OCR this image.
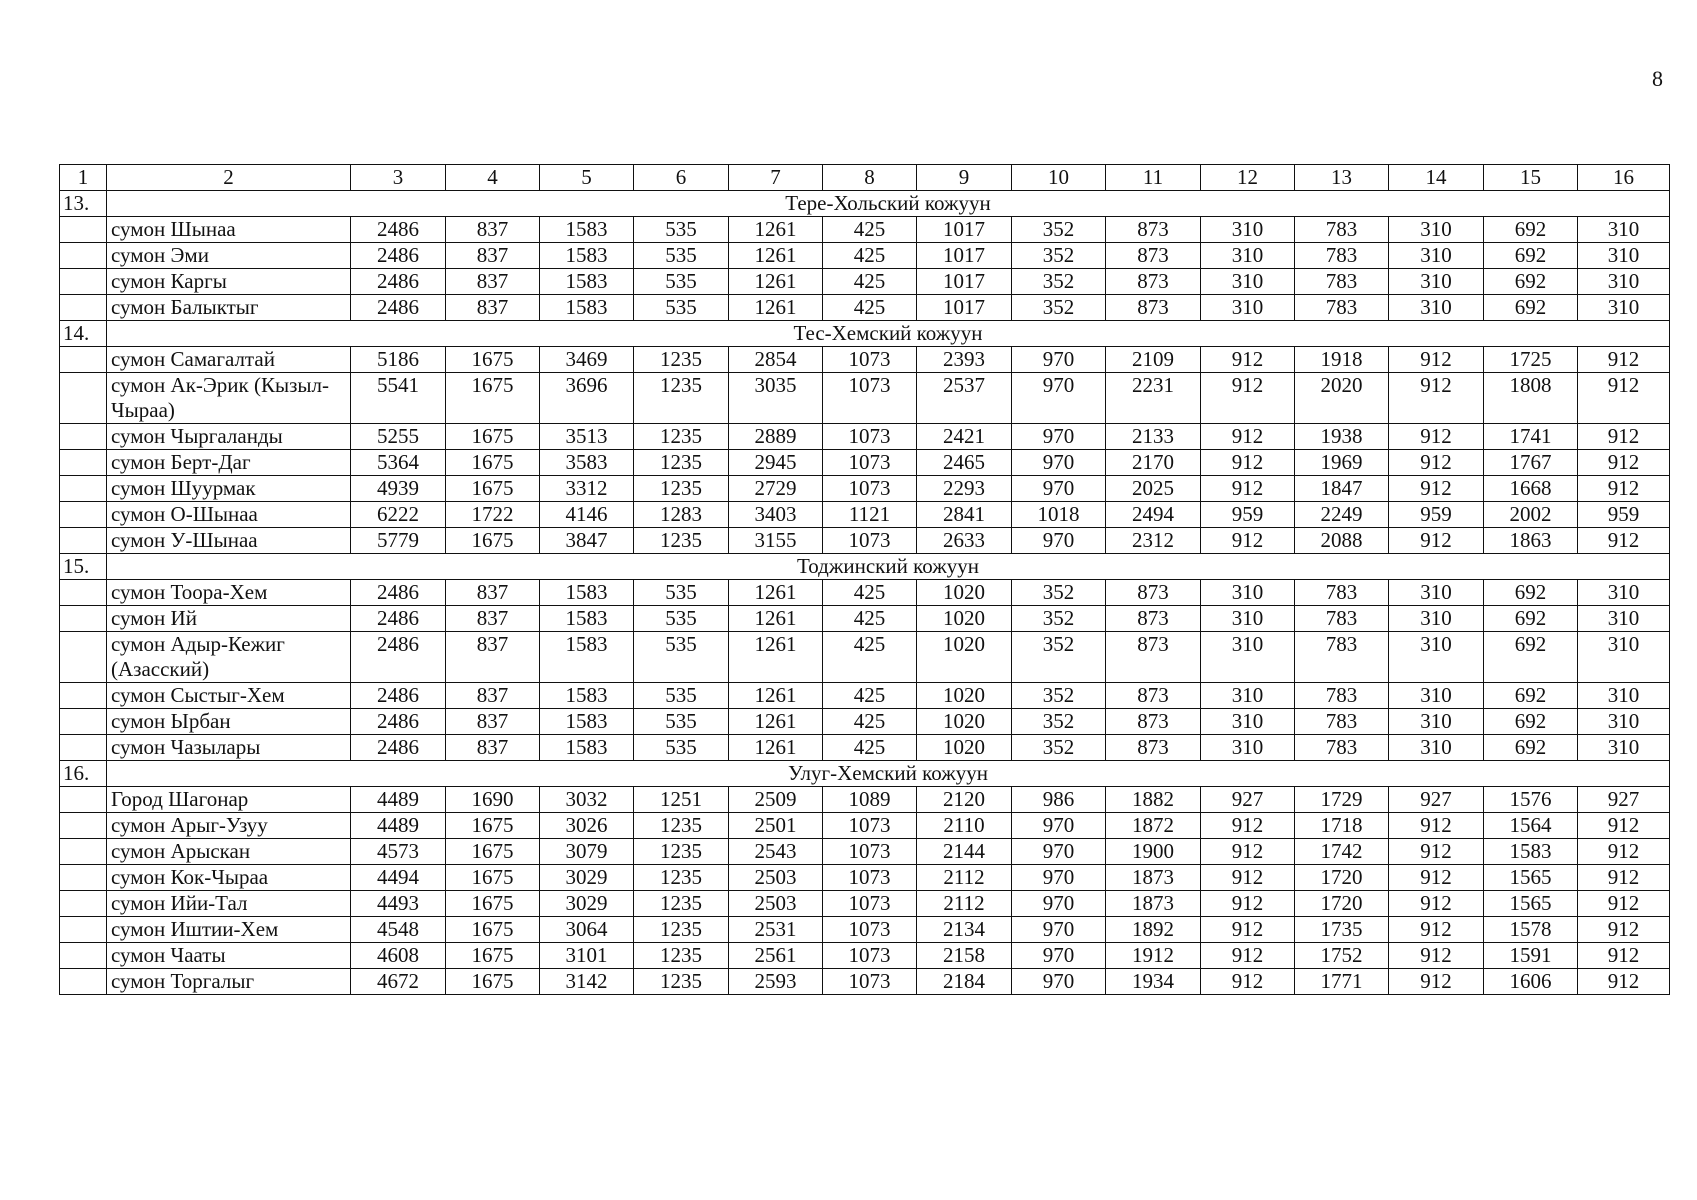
8
1	2	3	4	5	6	7	8	9	10	11	12	13	14	15	16
13.	Тере-Хольский кожуун														
	сумон Шынаа	2486	837	1583	535	1261	425	1017	352	873	310	783	310	692	310
	сумон Эми	2486	837	1583	535	1261	425	1017	352	873	310	783	310	692	310
	сумон Каргы	2486	837	1583	535	1261	425	1017	352	873	310	783	310	692	310
	сумон Балыктыг	2486	837	1583	535	1261	425	1017	352	873	310	783	310	692	310
14.	Тес-Хемский кожуун														
	сумон Самагалтай	5186	1675	3469	1235	2854	1073	2393	970	2109	912	1918	912	1725	912
	сумон Ак-Эрик (Кызыл-Чыраа)	5541	1675	3696	1235	3035	1073	2537	970	2231	912	2020	912	1808	912
	сумон Чыргаланды	5255	1675	3513	1235	2889	1073	2421	970	2133	912	1938	912	1741	912
	сумон Берт-Даг	5364	1675	3583	1235	2945	1073	2465	970	2170	912	1969	912	1767	912
	сумон Шуурмак	4939	1675	3312	1235	2729	1073	2293	970	2025	912	1847	912	1668	912
	сумон О-Шынаа	6222	1722	4146	1283	3403	1121	2841	1018	2494	959	2249	959	2002	959
	сумон У-Шынаа	5779	1675	3847	1235	3155	1073	2633	970	2312	912	2088	912	1863	912
15.	Тоджинский кожуун														
	сумон Тоора-Хем	2486	837	1583	535	1261	425	1020	352	873	310	783	310	692	310
	сумон Ий	2486	837	1583	535	1261	425	1020	352	873	310	783	310	692	310
	сумон Адыр-Кежиг (Азасский)	2486	837	1583	535	1261	425	1020	352	873	310	783	310	692	310
	сумон Сыстыг-Хем	2486	837	1583	535	1261	425	1020	352	873	310	783	310	692	310
	сумон Ырбан	2486	837	1583	535	1261	425	1020	352	873	310	783	310	692	310
	сумон Чазылары	2486	837	1583	535	1261	425	1020	352	873	310	783	310	692	310
16.	Улуг-Хемский кожуун														
	Город Шагонар	4489	1690	3032	1251	2509	1089	2120	986	1882	927	1729	927	1576	927
	сумон Арыг-Узуу	4489	1675	3026	1235	2501	1073	2110	970	1872	912	1718	912	1564	912
	сумон Арыскан	4573	1675	3079	1235	2543	1073	2144	970	1900	912	1742	912	1583	912
	сумон Кок-Чыраа	4494	1675	3029	1235	2503	1073	2112	970	1873	912	1720	912	1565	912
	сумон Ийи-Тал	4493	1675	3029	1235	2503	1073	2112	970	1873	912	1720	912	1565	912
	сумон Иштии-Хем	4548	1675	3064	1235	2531	1073	2134	970	1892	912	1735	912	1578	912
	сумон Чааты	4608	1675	3101	1235	2561	1073	2158	970	1912	912	1752	912	1591	912
	сумон Торгалыг	4672	1675	3142	1235	2593	1073	2184	970	1934	912	1771	912	1606	912
